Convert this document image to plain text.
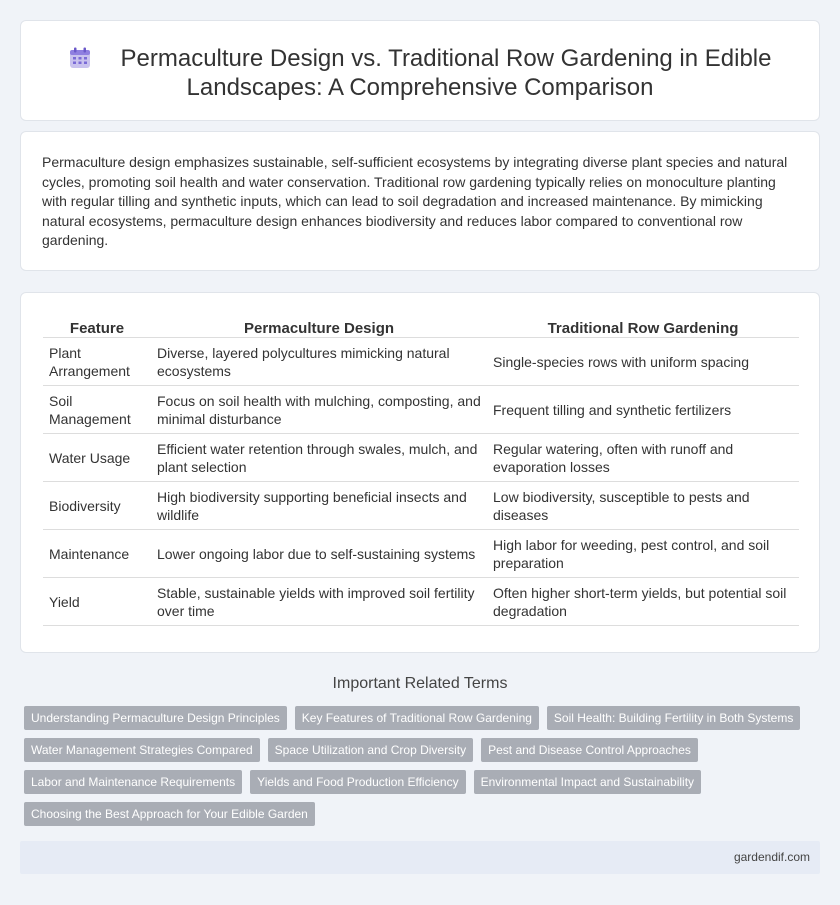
Permaculture Design vs. Traditional Row Gardening in Edible Landscapes: A Comprehensive Comparison
Permaculture design emphasizes sustainable, self-sufficient ecosystems by integrating diverse plant species and natural cycles, promoting soil health and water conservation. Traditional row gardening typically relies on monoculture planting with regular tilling and synthetic inputs, which can lead to soil degradation and increased maintenance. By mimicking natural ecosystems, permaculture design enhances biodiversity and reduces labor compared to conventional row gardening.
Feature	Permaculture Design	Traditional Row Gardening
Plant Arrangement	Diverse, layered polycultures mimicking natural ecosystems	Single-species rows with uniform spacing
Soil Management	Focus on soil health with mulching, composting, and minimal disturbance	Frequent tilling and synthetic fertilizers
Water Usage	Efficient water retention through swales, mulch, and plant selection	Regular watering, often with runoff and evaporation losses
Biodiversity	High biodiversity supporting beneficial insects and wildlife	Low biodiversity, susceptible to pests and diseases
Maintenance	Lower ongoing labor due to self-sustaining systems	High labor for weeding, pest control, and soil preparation
Yield	Stable, sustainable yields with improved soil fertility over time	Often higher short-term yields, but potential soil degradation
Important Related Terms
Understanding Permaculture Design Principles	Key Features of Traditional Row Gardening	Soil Health: Building Fertility in Both Systems
Water Management Strategies Compared	Space Utilization and Crop Diversity	Pest and Disease Control Approaches
Labor and Maintenance Requirements	Yields and Food Production Efficiency	Environmental Impact and Sustainability
Choosing the Best Approach for Your Edible Garden
gardendif.com
